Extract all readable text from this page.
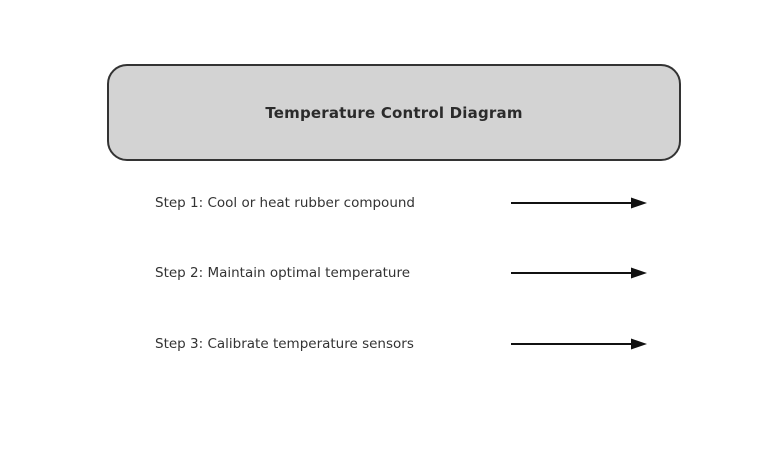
Temperature Control Diagram
Step 1: Cool or heat rubber compound
Step 2: Maintain optimal temperature
Step 3: Calibrate temperature sensors
